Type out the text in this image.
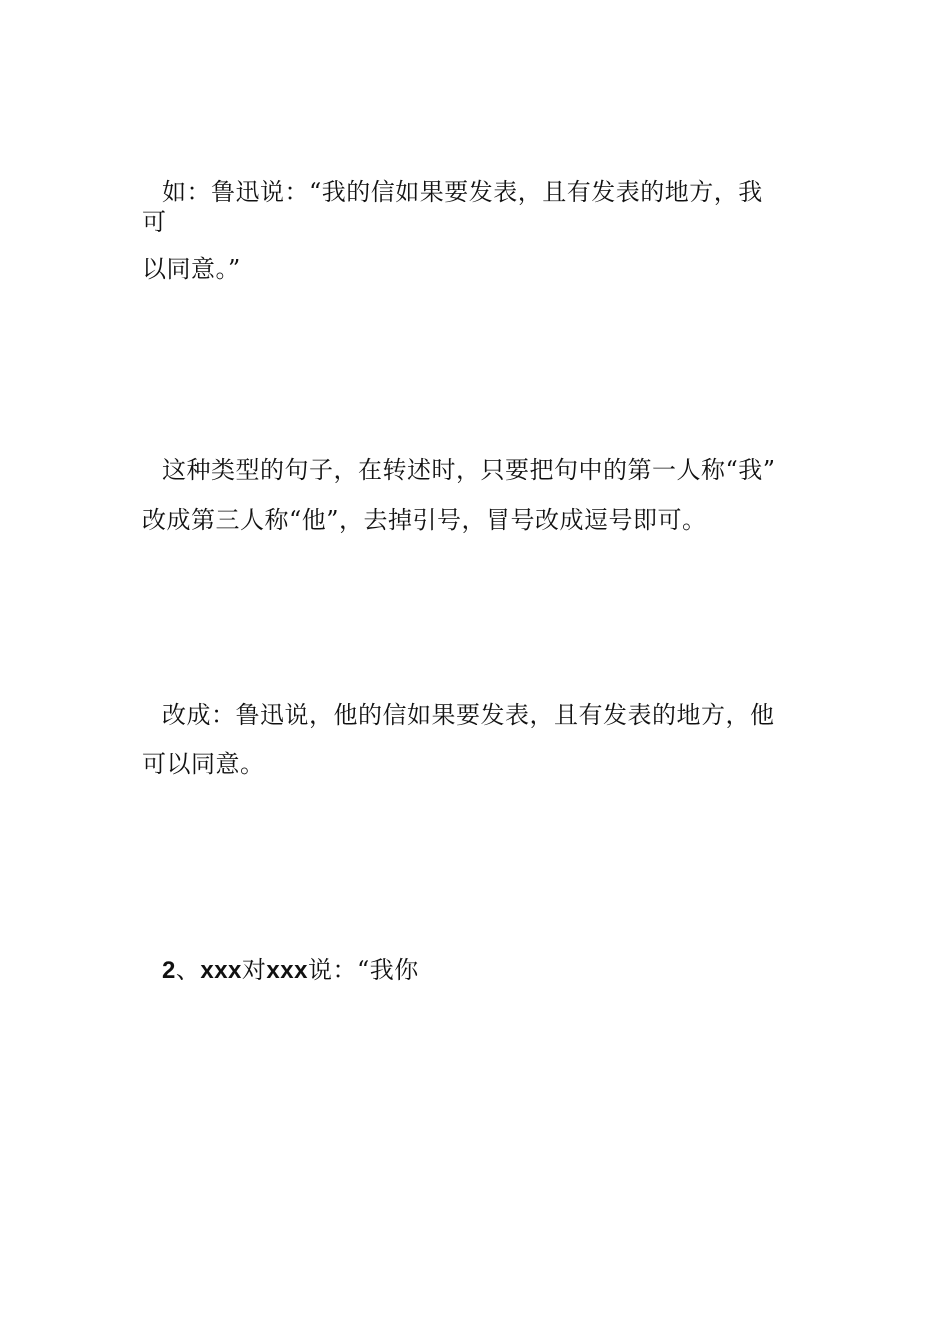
如：鲁迅说：“我的信如果要发表，且有发表的地方，我

可

以同意。”

这种类型的句子，在转述时，只要把句中的第一人称“我”

改成第三人称“他”，去掉引号，冒号改成逗号即可。

改成：鲁迅说，他的信如果要发表，且有发表的地方，他

可以同意。

2、xxx对xxx说：“我你
